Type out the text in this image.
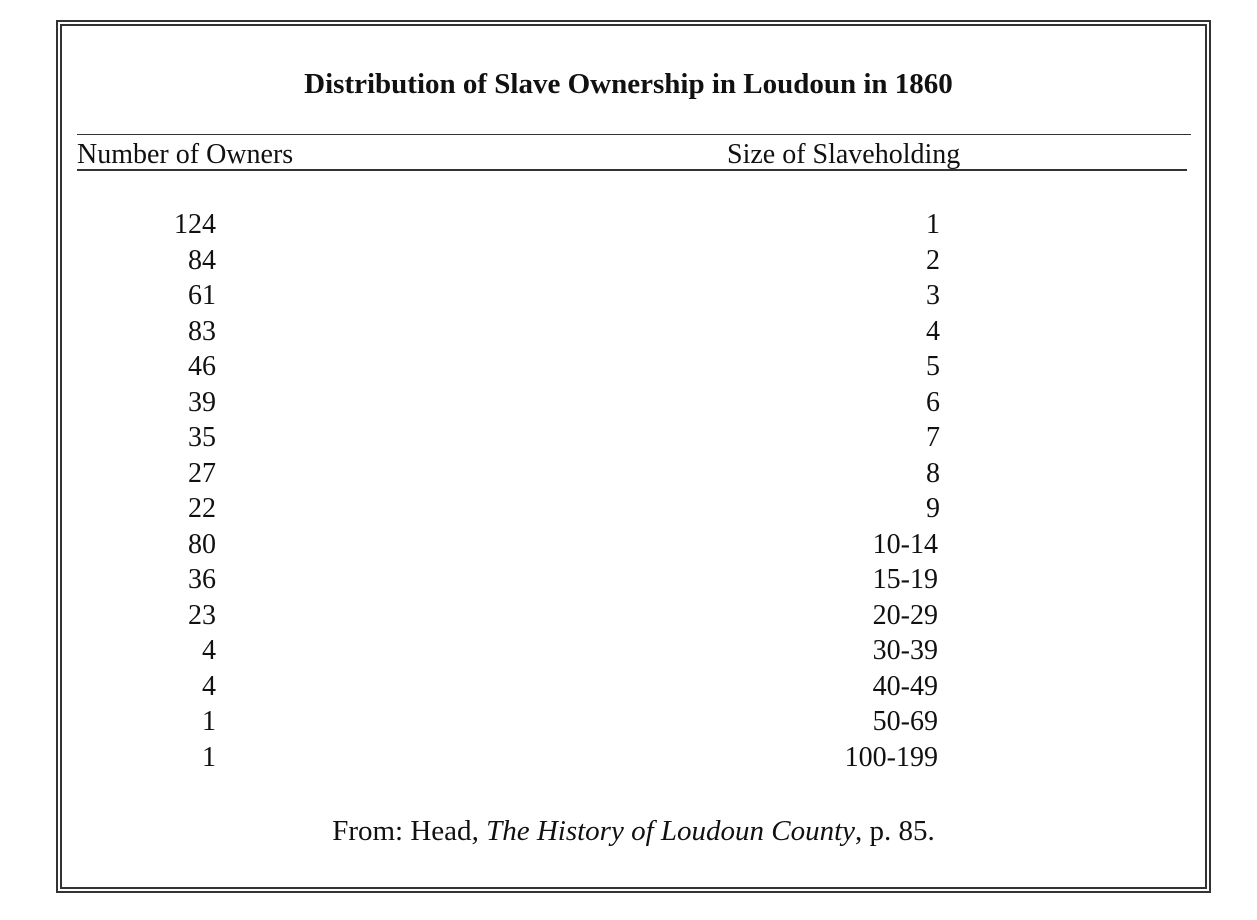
Distribution of Slave Ownership in Loudoun in 1860
Number of Owners	Size of Slaveholding
124
84
61
83
46
39
35
27
22
80
36
23
4
4
1
1
1
2
3
4
5
6
7
8
9
10-14
15-19
20-29
30-39
40-49
50-69
100-199
From: Head, The History of Loudoun County, p. 85.
